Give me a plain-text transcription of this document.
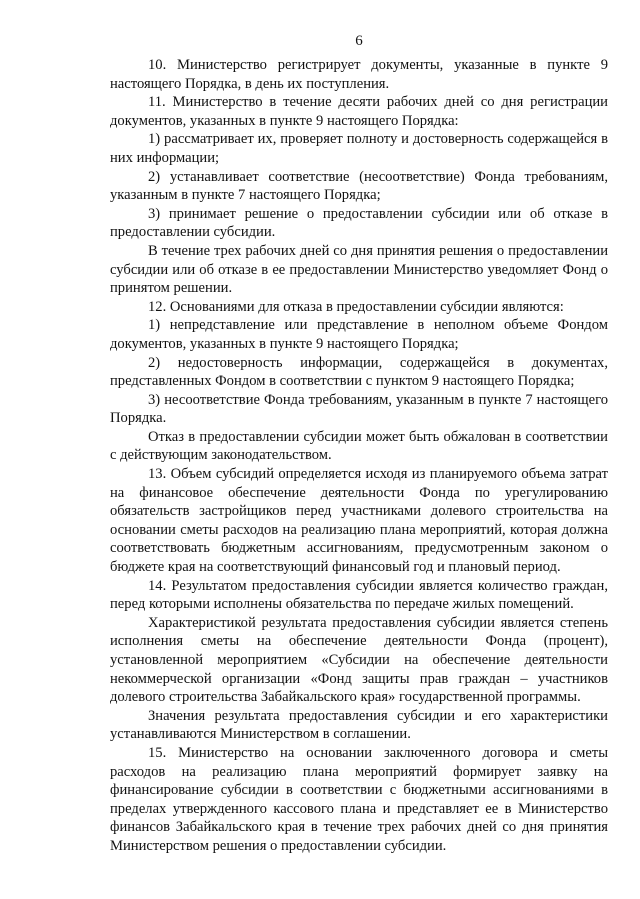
6

10. Министерство регистрирует документы, указанные в пункте 9 настоящего Порядка, в день их поступления.

11. Министерство в течение десяти рабочих дней со дня регистрации документов, указанных в пункте 9 настоящего Порядка:

1) рассматривает их, проверяет полноту и достоверность содержащейся в них информации;

2) устанавливает соответствие (несоответствие) Фонда требованиям, указанным в пункте 7 настоящего Порядка;

3) принимает решение о предоставлении субсидии или об отказе в предоставлении субсидии.

В течение трех рабочих дней со дня принятия решения о предоставлении субсидии или об отказе в ее предоставлении Министерство уведомляет Фонд о принятом решении.

12. Основаниями для отказа в предоставлении субсидии являются:

1) непредставление или представление в неполном объеме Фондом документов, указанных в пункте 9 настоящего Порядка;

2) недостоверность информации, содержащейся в документах, представленных Фондом в соответствии с пунктом 9 настоящего Порядка;

3) несоответствие Фонда требованиям, указанным в пункте 7 настоящего Порядка.

Отказ в предоставлении субсидии может быть обжалован в соответствии с действующим законодательством.

13. Объем субсидий определяется исходя из планируемого объема затрат на финансовое обеспечение деятельности Фонда по урегулированию обязательств застройщиков перед участниками долевого строительства на основании сметы расходов на реализацию плана мероприятий, которая должна соответствовать бюджетным ассигнованиям, предусмотренным законом о бюджете края на соответствующий финансовый год и плановый период.

14. Результатом предоставления субсидии является количество граждан, перед которыми исполнены обязательства по передаче жилых помещений.

Характеристикой результата предоставления субсидии является степень исполнения сметы на обеспечение деятельности Фонда (процент), установленной мероприятием «Субсидии на обеспечение деятельности некоммерческой организации «Фонд защиты прав граждан – участников долевого строительства Забайкальского края» государственной программы.

Значения результата предоставления субсидии и его характеристики устанавливаются Министерством в соглашении.

15. Министерство на основании заключенного договора и сметы расходов на реализацию плана мероприятий формирует заявку на финансирование субсидии в соответствии с бюджетными ассигнованиями в пределах утвержденного кассового плана и представляет ее в Министерство финансов Забайкальского края в течение трех рабочих дней со дня принятия Министерством решения о предоставлении субсидии.
